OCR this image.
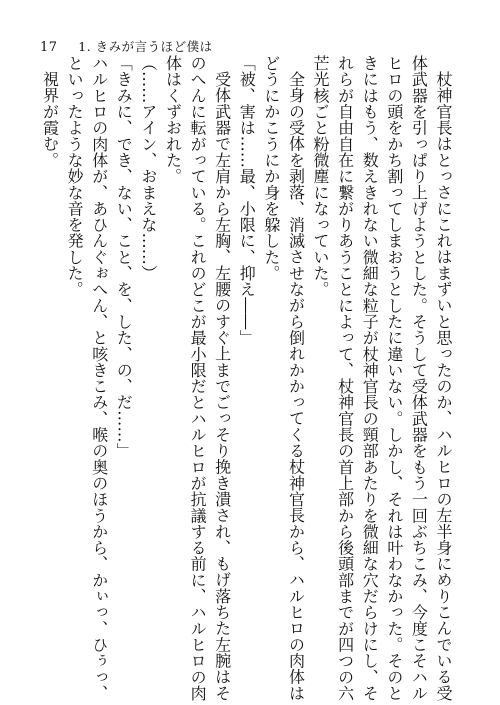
17 1. きみが言うほど僕は
杖神官長はとっさにこれはまずいと思ったのか、ハルヒロの左半身にめりこんでいる受
体武器を引っぱり上げようとした。そうして受体武器をもう一回ぶちこみ、今度こそハル
ヒロの頭をかち割ってしまおうとしたに違いない。しかし、それは叶わなかった。そのと
きにはもう、数えきれない微細な粒子が杖神官長の頸部あたりを微細な穴だらけにし、そ
れらが自由自在に繋がりあうことによって、杖神官長の首上部から後頭部までが四つの六
芒光核ごと粉微塵になっていた。
全身の受体を剥落、消滅させながら倒れかかってくる杖神官長から、ハルヒロの肉体は
どうにかこうにか身を躱した。
「被、害は……最、小限に、抑え――」
受体武器で左肩から左胸、左腰のすぐ上までごっそり挽き潰され、もげ落ちた左腕はそ
のへんに転がっている。これのどこが最小限だとハルヒロが抗議する前に、ハルヒロの肉
体はくずおれた。
（……アイン、おまえな……）
「きみに、でき、ない、こと、を、した、の、だ……」
ハルヒロの肉体が、あひんぐぉへん、と咳きこみ、喉の奥のほうから、かぃっ、ひぅっ、
といったような妙な音を発した。
視界が霞む。
